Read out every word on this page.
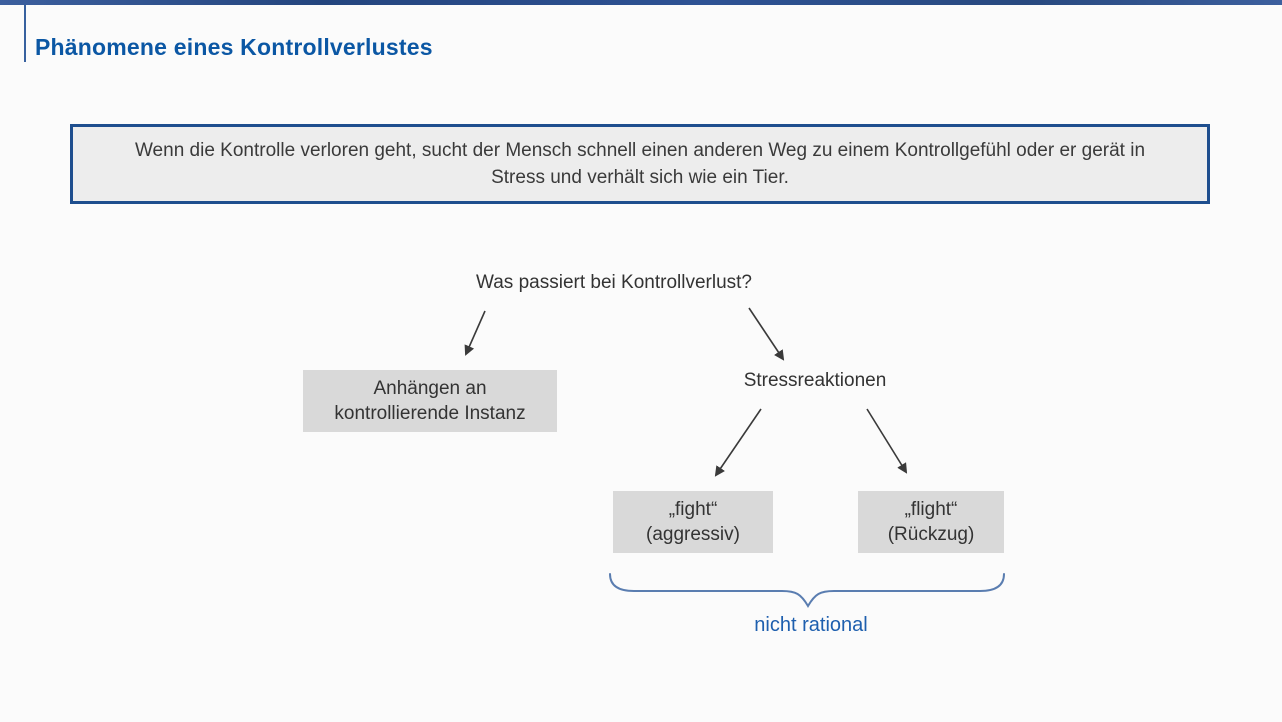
Phänomene eines Kontrollverlustes
Wenn die Kontrolle verloren geht, sucht der Mensch schnell einen anderen Weg zu einem Kontrollgefühl oder er gerät in Stress und verhält sich wie ein Tier.
Was passiert bei Kontrollverlust?
Anhängen an
kontrollierende Instanz
Stressreaktionen
„fight“
(aggressiv)
„flight“
(Rückzug)
nicht rational
